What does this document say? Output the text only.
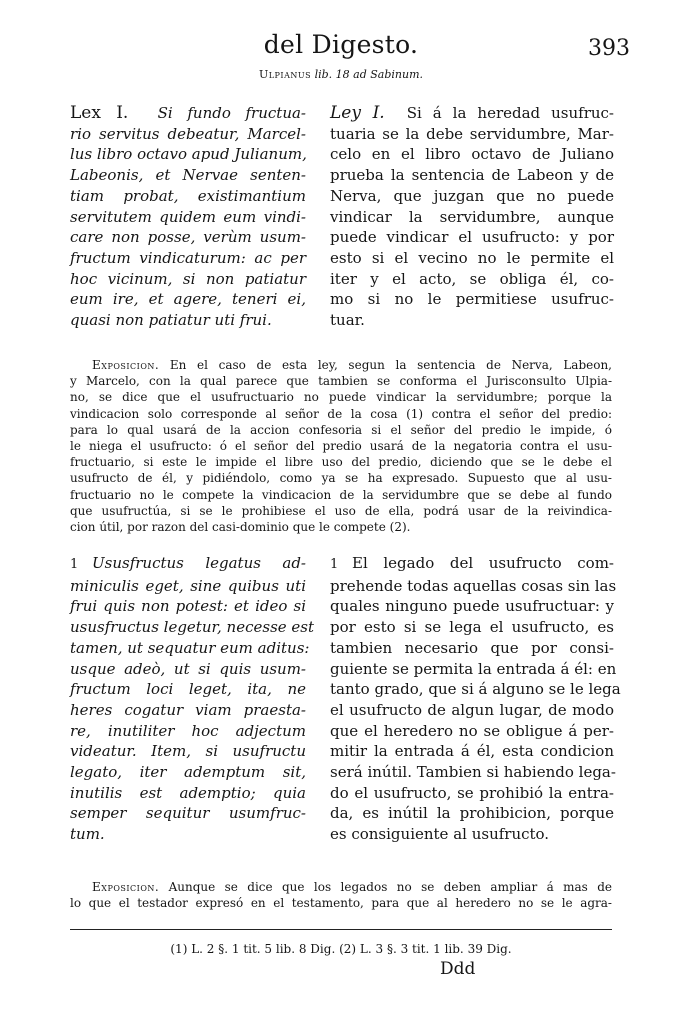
del Digesto.	393
Ulpianus lib. 18 ad Sabinum.
Lex I. Si fundo fructua-
rio servitus debeatur, Marcel-
lus libro octavo apud Julianum,
Labeonis, et Nervae senten-
tiam probat, existimantium
servitutem quidem eum vindi-
care non posse, verùm usum-
fructum vindicaturum: ac per
hoc vicinum, si non patiatur
eum ire, et agere, teneri ei,
quasi non patiatur uti frui.
Ley I. Si á la heredad usufruc-
tuaria se la debe servidumbre, Mar-
celo en el libro octavo de Juliano
prueba la sentencia de Labeon y de
Nerva, que juzgan que no puede
vindicar la servidumbre, aunque
puede vindicar el usufructo: y por
esto si el vecino no le permite el
iter y el acto, se obliga él, co-
mo si no le permitiese usufruc-
tuar.
Exposicion. En el caso de esta ley, segun la sentencia de Nerva, Labeon,
y Marcelo, con la qual parece que tambien se conforma el Jurisconsulto Ulpia-
no, se dice que el usufructuario no puede vindicar la servidumbre; porque la
vindicacion solo corresponde al señor de la cosa (1) contra el señor del predio:
para lo qual usará de la accion confesoria si el señor del predio le impide, ó
le niega el usufructo: ó el señor del predio usará de la negatoria contra el usu-
fructuario, si este le impide el libre uso del predio, diciendo que se le debe el
usufructo de él, y pidiéndolo, como ya se ha expresado. Supuesto que al usu-
fructuario no le compete la vindicacion de la servidumbre que se debe al fundo
que usufructúa, si se le prohibiese el uso de ella, podrá usar de la reivindica-
cion útil, por razon del casi-dominio que le compete (2).
1 Ususfructus legatus ad-
miniculis eget, sine quibus uti
frui quis non potest: et ideo si
ususfructus legetur, necesse est
tamen, ut sequatur eum aditus:
usque adeò, ut si quis usum-
fructum loci leget, ita, ne
heres cogatur viam praesta-
re, inutiliter hoc adjectum
videatur. Item, si usufructu
legato, iter ademptum sit,
inutilis est ademptio; quia
semper sequitur usumfruc-
tum.
1 El legado del usufructo com-
prehende todas aquellas cosas sin las
quales ninguno puede usufructuar: y
por esto si se lega el usufructo, es
tambien necesario que por consi-
guiente se permita la entrada á él: en
tanto grado, que si á alguno se le lega
el usufructo de algun lugar, de modo
que el heredero no se obligue á per-
mitir la entrada á él, esta condicion
será inútil. Tambien si habiendo lega-
do el usufructo, se prohibió la entra-
da, es inútil la prohibicion, porque
es consiguiente al usufructo.
Exposicion. Aunque se dice que los legados no se deben ampliar á mas de
lo que el testador expresó en el testamento, para que al heredero no se le agra-
(1) L. 2 §. 1 tit. 5 lib. 8 Dig. (2) L. 3 §. 3 tit. 1 lib. 39 Dig.
Ddd
